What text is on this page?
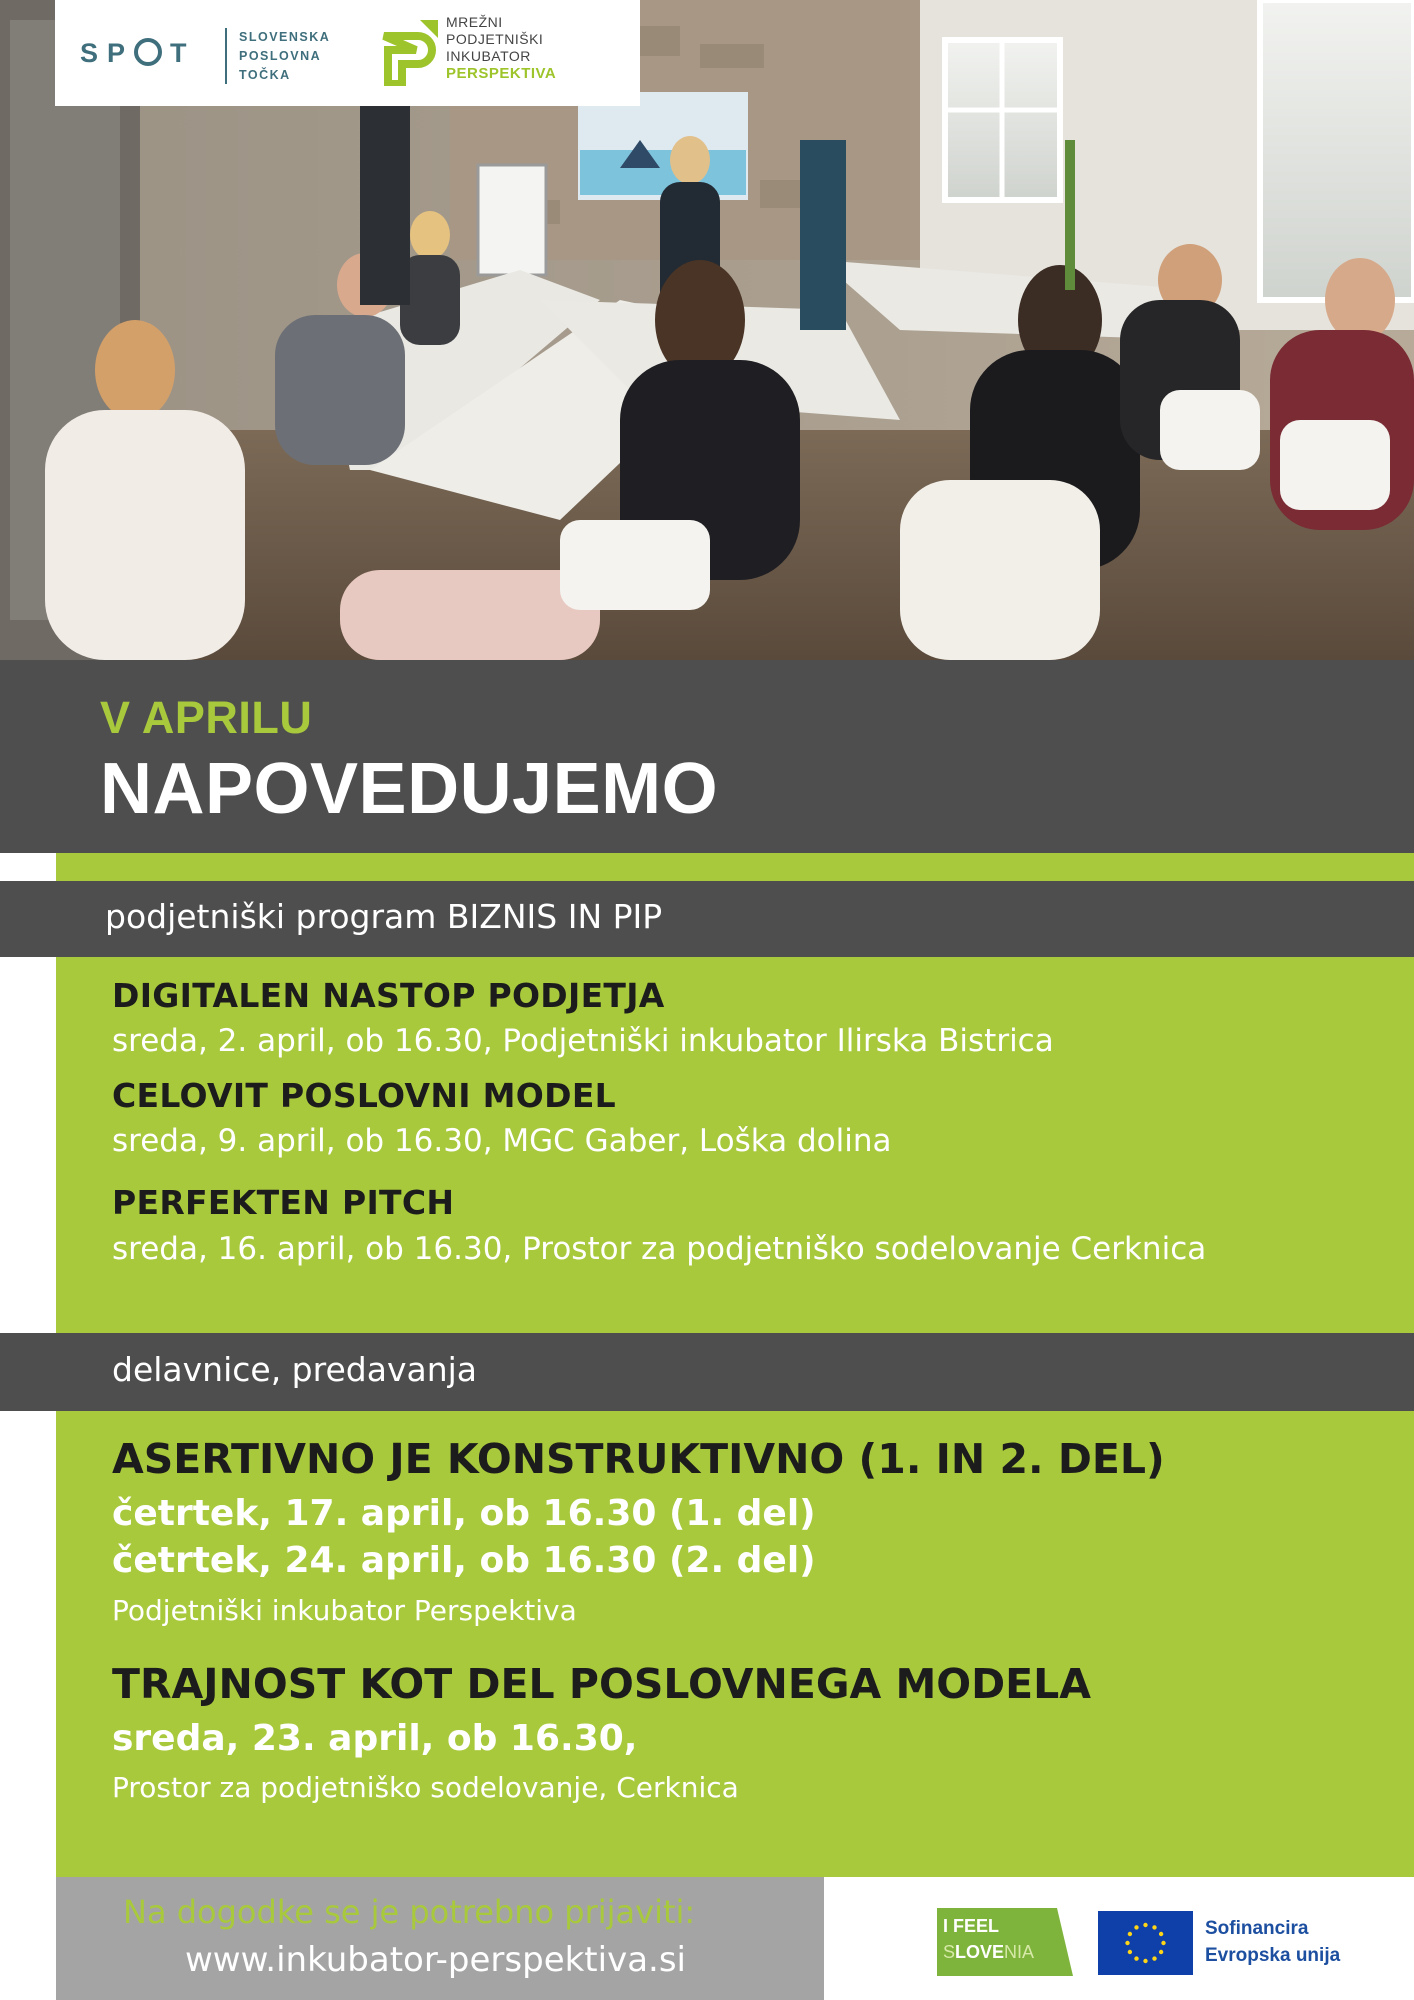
SP T
SLOVENSKA
POSLOVNA
TOČKA
MREŽNI
PODJETNIŠKI
INKUBATOR
PERSPEKTIVA
V APRILU
NAPOVEDUJEMO
podjetniški program BIZNIS IN PIP
DIGITALEN NASTOP PODJETJA
sreda, 2. april, ob 16.30, Podjetniški inkubator Ilirska Bistrica
CELOVIT POSLOVNI MODEL
sreda, 9. april, ob 16.30, MGC Gaber, Loška dolina
PERFEKTEN PITCH
sreda, 16. april, ob 16.30, Prostor za podjetniško sodelovanje Cerknica
delavnice, predavanja
ASERTIVNO JE KONSTRUKTIVNO (1. IN 2. DEL)
četrtek, 17. april, ob 16.30 (1. del)
četrtek, 24. april, ob 16.30 (2. del)
Podjetniški inkubator Perspektiva
TRAJNOST KOT DEL POSLOVNEGA MODELA
sreda, 23. april, ob 16.30,
Prostor za podjetniško sodelovanje, Cerknica
Na dogodke se je potrebno prijaviti:
www.inkubator-perspektiva.si
I FEEL
SLOVENIA
Sofinancira
Evropska unija
